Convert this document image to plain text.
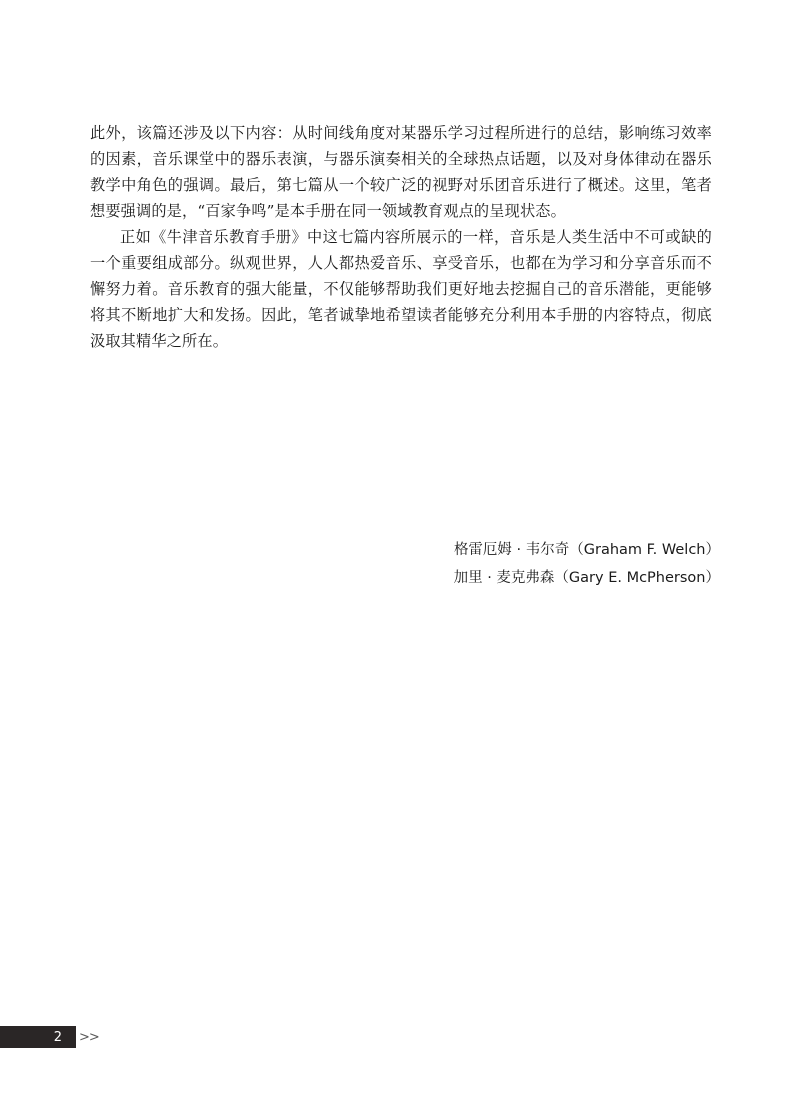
此外，该篇还涉及以下内容：从时间线角度对某器乐学习过程所进行的总结，影响练习效率的因素，音乐课堂中的器乐表演，与器乐演奏相关的全球热点话题，以及对身体律动在器乐教学中角色的强调。最后，第七篇从一个较广泛的视野对乐团音乐进行了概述。这里，笔者想要强调的是，“百家争鸣”是本手册在同一领域教育观点的呈现状态。

正如《牛津音乐教育手册》中这七篇内容所展示的一样，音乐是人类生活中不可或缺的一个重要组成部分。纵观世界，人人都热爱音乐、享受音乐，也都在为学习和分享音乐而不懈努力着。音乐教育的强大能量，不仅能够帮助我们更好地去挖掘自己的音乐潜能，更能够将其不断地扩大和发扬。因此，笔者诚挚地希望读者能够充分利用本手册的内容特点，彻底汲取其精华之所在。

格雷厄姆 · 韦尔奇（Graham F. Welch）
加里 · 麦克弗森（Gary E. McPherson）
2 >>
